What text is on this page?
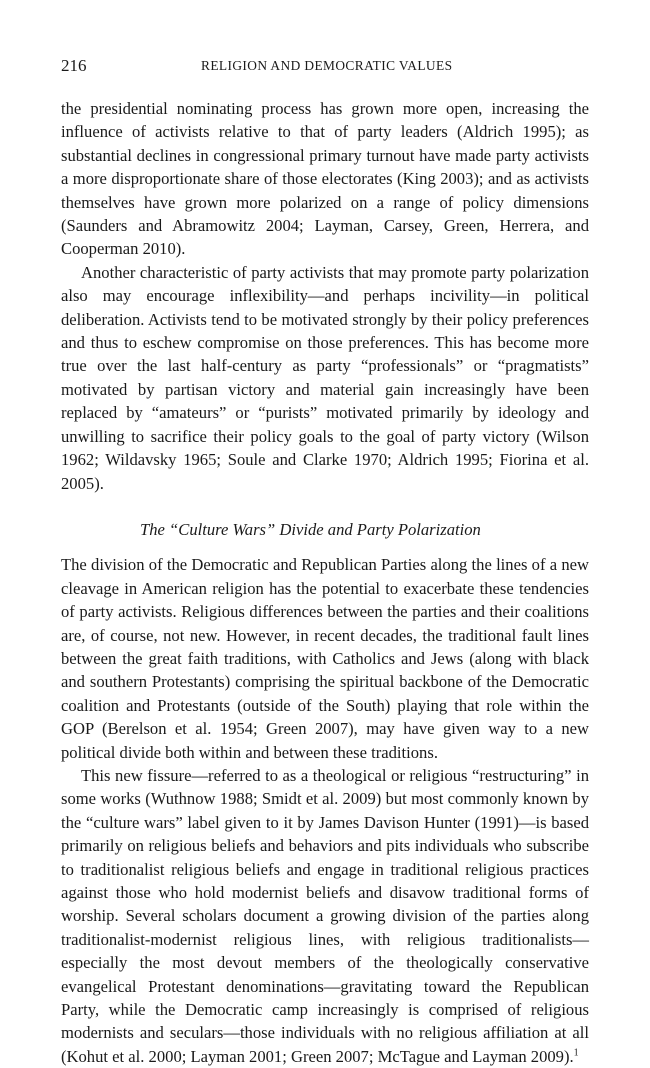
216	RELIGION AND DEMOCRATIC VALUES

the presidential nominating process has grown more open, increasing the influence of activists relative to that of party leaders (Aldrich 1995); as substantial declines in congressional primary turnout have made party activists a more disproportionate share of those electorates (King 2003); and as activists themselves have grown more polarized on a range of policy dimensions (Saunders and Abramowitz 2004; Layman, Carsey, Green, Herrera, and Cooperman 2010).

Another characteristic of party activists that may promote party polarization also may encourage inflexibility—and perhaps incivility—in political deliberation. Activists tend to be motivated strongly by their policy preferences and thus to eschew compromise on those preferences. This has become more true over the last half-century as party “professionals” or “pragmatists” motivated by partisan victory and material gain increasingly have been replaced by “amateurs” or “purists” motivated primarily by ideology and unwilling to sacrifice their policy goals to the goal of party victory (Wilson 1962; Wildavsky 1965; Soule and Clarke 1970; Aldrich 1995; Fiorina et al. 2005).

The “Culture Wars” Divide and Party Polarization

The division of the Democratic and Republican Parties along the lines of a new cleavage in American religion has the potential to exacerbate these tendencies of party activists. Religious differences between the parties and their coalitions are, of course, not new. However, in recent decades, the traditional fault lines between the great faith traditions, with Catholics and Jews (along with black and southern Protestants) comprising the spiritual backbone of the Democratic coalition and Protestants (outside of the South) playing that role within the GOP (Berelson et al. 1954; Green 2007), may have given way to a new political divide both within and between these traditions.

This new fissure—referred to as a theological or religious “restructuring” in some works (Wuthnow 1988; Smidt et al. 2009) but most commonly known by the “culture wars” label given to it by James Davison Hunter (1991)—is based primarily on religious beliefs and behaviors and pits individuals who subscribe to traditionalist religious beliefs and engage in traditional religious practices against those who hold modernist beliefs and disavow traditional forms of worship. Several scholars document a growing division of the parties along traditionalist-modernist religious lines, with religious traditionalists—especially the most devout members of the theologically conservative evangelical Protestant denominations—gravitating toward the Republican Party, while the Democratic camp increasingly is comprised of religious modernists and seculars—those individuals with no religious affiliation at all (Kohut et al. 2000; Layman 2001; Green 2007; McTague and Layman 2009).$^1$
